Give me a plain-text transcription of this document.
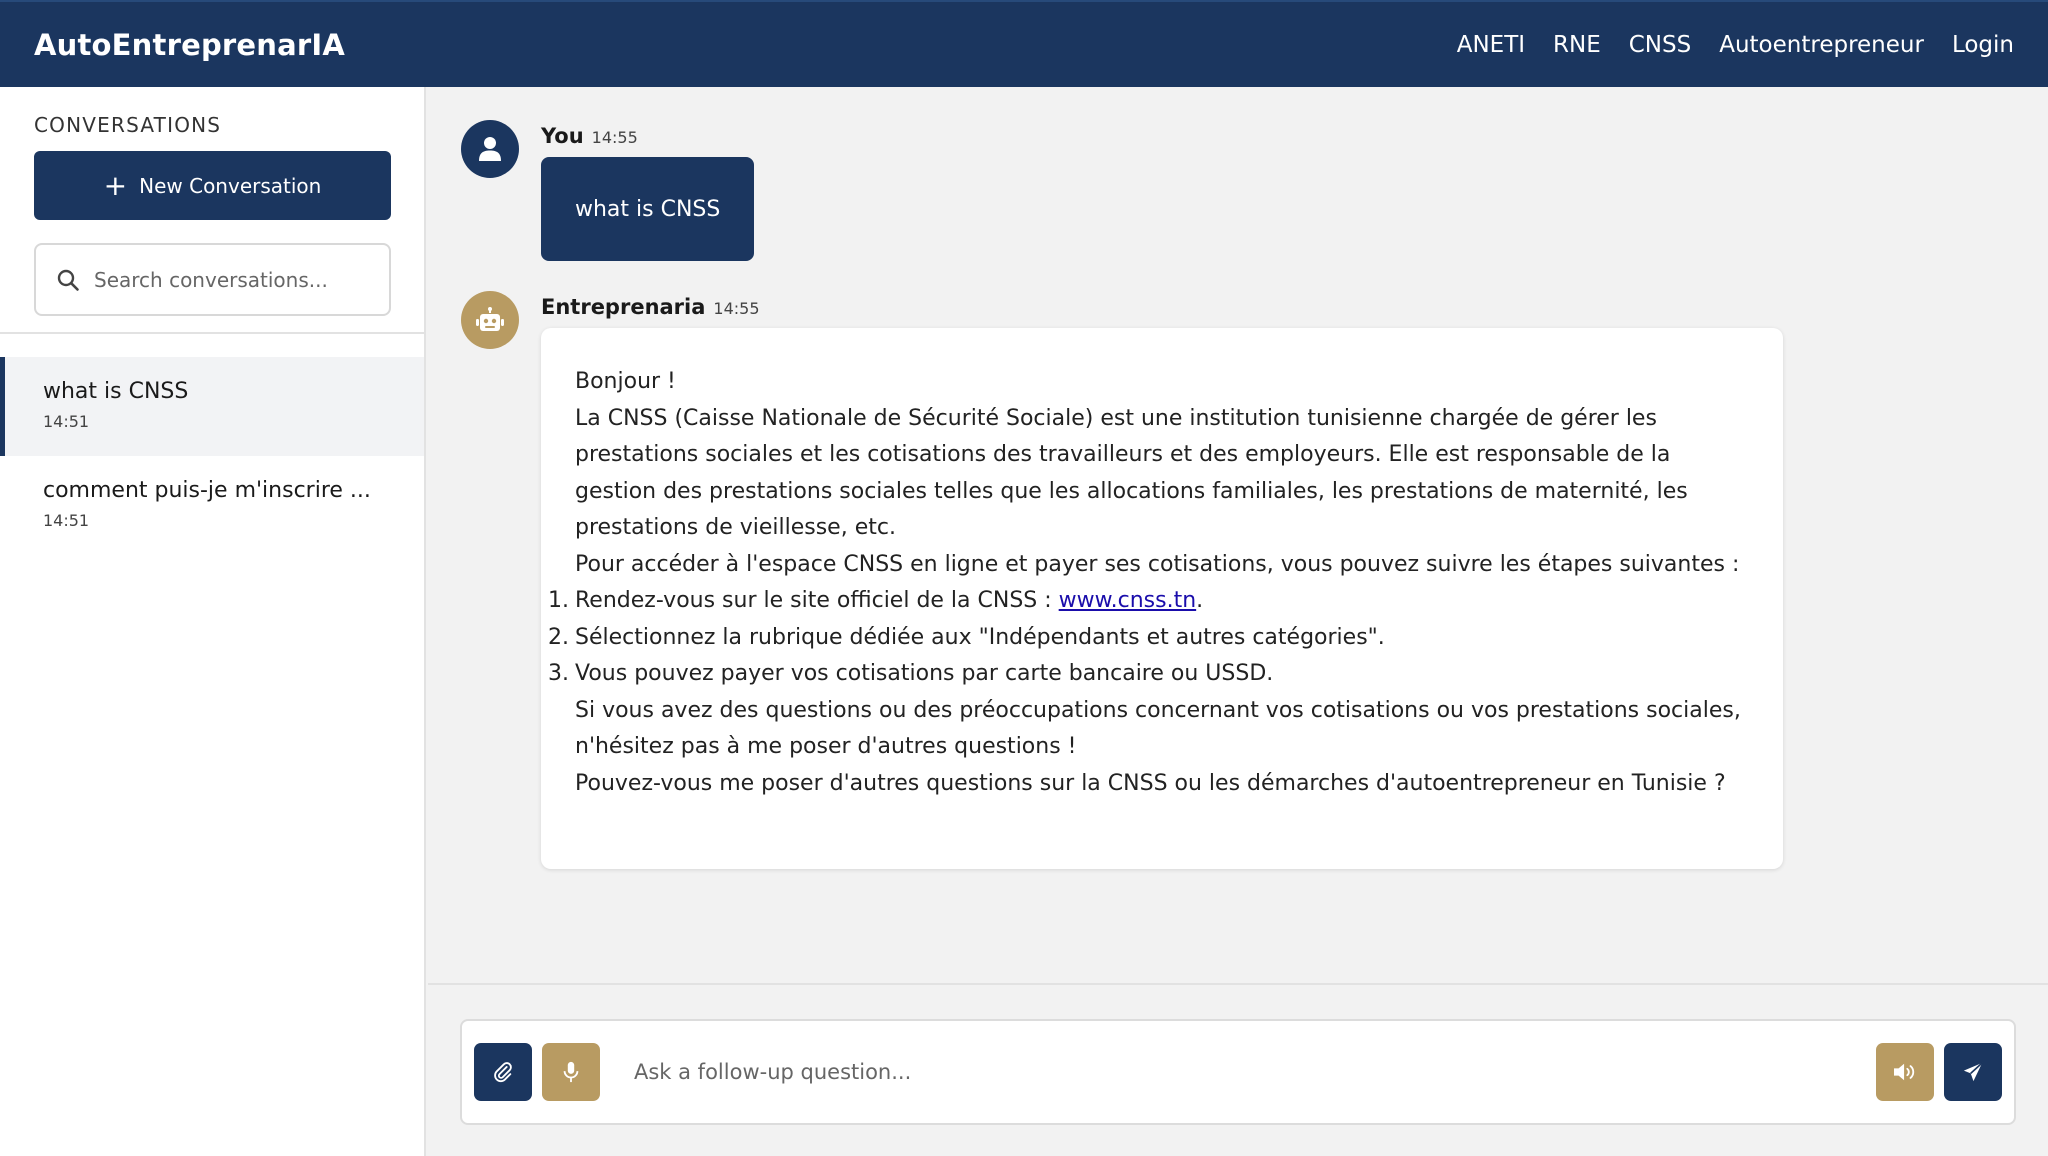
AutoEntreprenarIA	ANETI RNE CNSS Autoentrepreneur Login
CONVERSATIONS
+ New Conversation
Search conversations...
what is CNSS
14:51
comment puis-je m'inscrire ...
14:51
You 14:55
what is CNSS
Entreprenaria 14:55

Bonjour !

La CNSS (Caisse Nationale de Sécurité Sociale) est une institution tunisienne chargée de gérer les prestations sociales et les cotisations des travailleurs et des employeurs. Elle est responsable de la gestion des prestations sociales telles que les allocations familiales, les prestations de maternité, les prestations de vieillesse, etc.

Pour accéder à l'espace CNSS en ligne et payer ses cotisations, vous pouvez suivre les étapes suivantes :

1. Rendez-vous sur le site officiel de la CNSS : www.cnss.tn.
2. Sélectionnez la rubrique dédiée aux "Indépendants et autres catégories".
3. Vous pouvez payer vos cotisations par carte bancaire ou USSD.

Si vous avez des questions ou des préoccupations concernant vos cotisations ou vos prestations sociales, n'hésitez pas à me poser d'autres questions !

Pouvez-vous me poser d'autres questions sur la CNSS ou les démarches d'autoentrepreneur en Tunisie ?

Ask a follow-up question...
